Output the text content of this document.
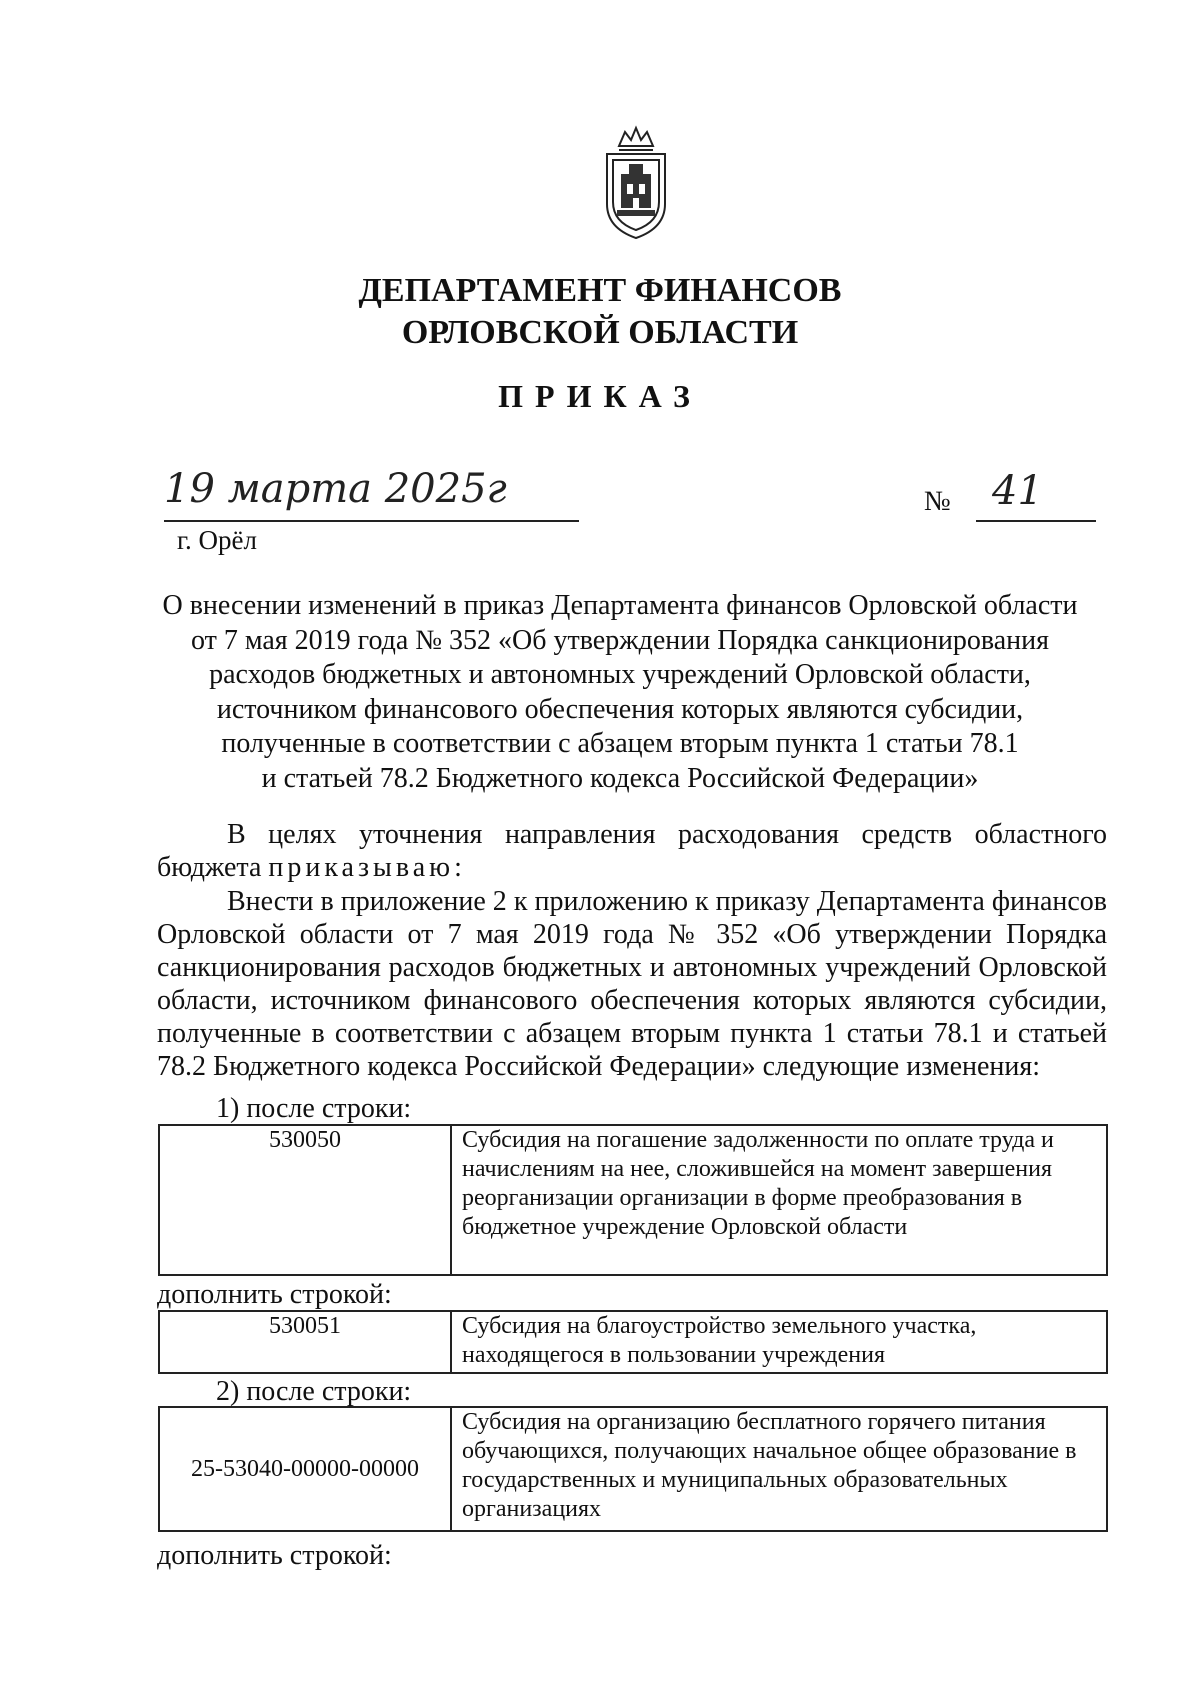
ДЕПАРТАМЕНТ ФИНАНСОВ
ОРЛОВСКОЙ ОБЛАСТИ
ПРИКАЗ
19 марта 2025г	№ 41
г. Орёл
О внесении изменений в приказ Департамента финансов Орловской области
от 7 мая 2019 года № 352 «Об утверждении Порядка санкционирования
расходов бюджетных и автономных учреждений Орловской области,
источником финансового обеспечения которых являются субсидии,
полученные в соответствии с абзацем вторым пункта 1 статьи 78.1
и статьей 78.2 Бюджетного кодекса Российской Федерации»
В целях уточнения направления расходования средств областного бюджета приказываю:
Внести в приложение 2 к приложению к приказу Департамента финансов Орловской области от 7 мая 2019 года № 352 «Об утверждении Порядка санкционирования расходов бюджетных и автономных учреждений Орловской области, источником финансового обеспечения которых являются субсидии, полученные в соответствии с абзацем вторым пункта 1 статьи 78.1 и статьей 78.2 Бюджетного кодекса Российской Федерации» следующие изменения:
1) после строки:
530050	Субсидия на погашение задолженности по оплате труда и начислениям на нее, сложившейся на момент завершения реорганизации организации в форме преобразования в бюджетное учреждение Орловской области
дополнить строкой:
530051	Субсидия на благоустройство земельного участка, находящегося в пользовании учреждения
2) после строки:
25-53040-00000-00000	Субсидия на организацию бесплатного горячего питания обучающихся, получающих начальное общее образование в государственных и муниципальных образовательных организациях
дополнить строкой:
